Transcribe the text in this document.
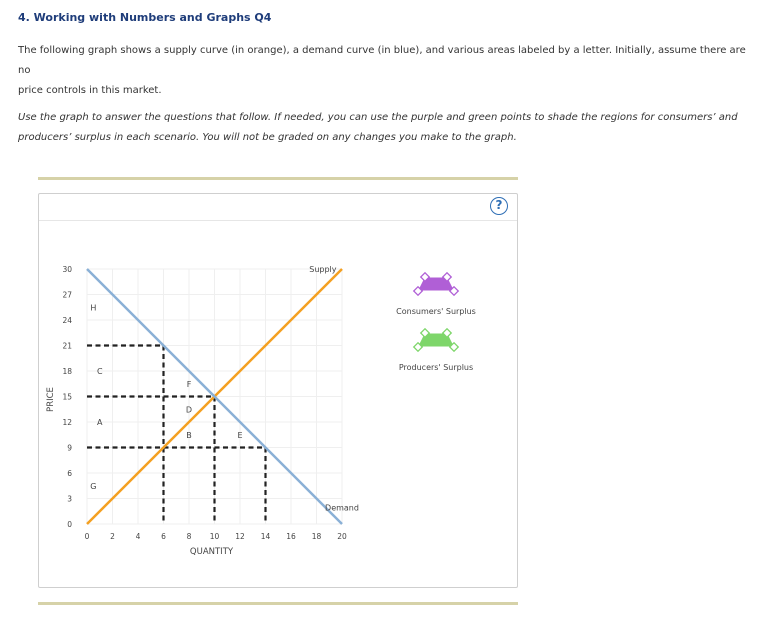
4. Working with Numbers and Graphs Q4
The following graph shows a supply curve (in orange), a demand curve (in blue), and various areas labeled by a letter. Initially, assume there are no
price controls in this market.
Use the graph to answer the questions that follow. If needed, you can use the purple and green points to shade the regions for consumers’ and
producers’ surplus in each scenario. You will not be graded on any changes you make to the graph.
?
0	2	4	6	8 10 12 14 16 18 20
0
3
6
9
12
15
18
21
24
27
30
QUANTITY
PRICE
H
C
A
G
F
D
B	E
Supply
Demand
Consumers' Surplus
Producers' Surplus
